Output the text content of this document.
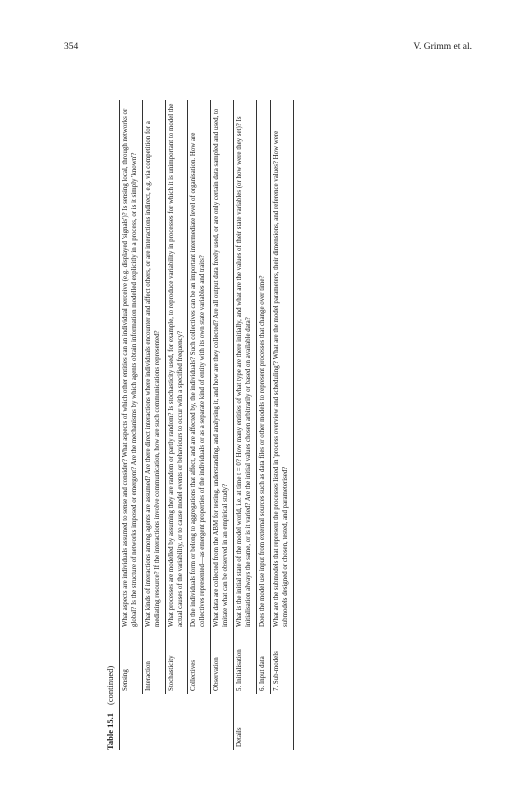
354	V. Grimm et al.
Table 15.1(continued)
	Sensing	What aspects are individuals assumed to sense and consider? What aspects of which other entities can an individual perceive (e.g. displayed 'signals')? Is sensing local, through networks or global? Is the structure of networks imposed or emergent? Are the mechanisms by which agents obtain information modelled explicitly in a process, or is it simply 'known'?
	Interaction	What kinds of interactions among agents are assumed? Are there direct interactions where individuals encounter and affect others, or are interactions indirect, e.g. via competition for a mediating resource? If the interactions involve communication, how are such communications represented?
	Stochasticity	What processes are modelled by assuming they are random or partly random? Is stochasticity used, for example, to reproduce variability in processes for which it is unimportant to model the actual causes of the variability, or to cause model events or behaviours to occur with a specified frequency?
	Collectives	Do the individuals form or belong to aggregations that affect, and are affected by, the individuals? Such collectives can be an important intermediate level of organisation. How are collectives represented—as emergent properties of the individuals or as a separate kind of entity with its own state variables and traits?
	Observation	What data are collected from the ABM for testing, understanding, and analysing it, and how are they collected? Are all output data freely used, or are only certain data sampled and used, to imitate what can be observed in an empirical study?
Details	5. Initialisation	What is the initial state of the model world, i.e. at time t = 0? How many entities of what type are there initially, and what are the values of their state variables (or how were they set)? Is initialisation always the same, or is it varied? Are the initial values chosen arbitrarily or based on available data?
	6. Input data	Does the model use input from external sources such as data files or other models to represent processes that change over time?
	7. Sub-models	What are the submodels that represent the processes listed in 'process overview and scheduling'? What are the model parameters, their dimensions, and reference values? How were submodels designed or chosen, tested, and parameterised?
